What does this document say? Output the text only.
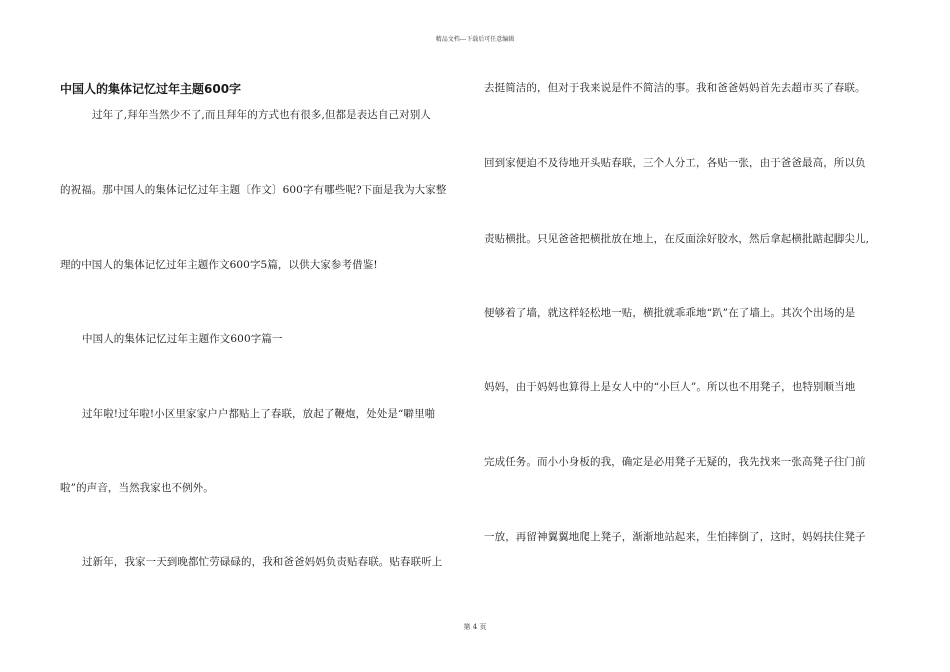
精品文档---下载后可任意编辑
中国人的集体记忆过年主题600字
过年了,拜年当然少不了,而且拜年的方式也有很多,但都是表达自己对别人
的祝福。那中国人的集体记忆过年主题〔作文〕600字有哪些呢?下面是我为大家整
理的中国人的集体记忆过年主题作文600字5篇，以供大家参考借鉴!
中国人的集体记忆过年主题作文600字篇一
过年啦!过年啦!小区里家家户户都贴上了春联，放起了鞭炮，处处是“噼里啪
啦”的声音，当然我家也不例外。
过新年，我家一天到晚都忙劳碌碌的，我和爸爸妈妈负责贴春联。贴春联听上
去挺简洁的，但对于我来说是件不简洁的事。我和爸爸妈妈首先去超市买了春联。
回到家便迫不及待地开头贴春联，三个人分工，各贴一张，由于爸爸最高，所以负
责贴横批。只见爸爸把横批放在地上，在反面涂好胶水，然后拿起横批踮起脚尖儿,
便够着了墙，就这样轻松地一贴，横批就乖乖地“趴”在了墙上。其次个出场的是
妈妈，由于妈妈也算得上是女人中的“小巨人”。所以也不用凳子，也特别顺当地
完成任务。而小小身板的我，确定是必用凳子无疑的，我先找来一张高凳子往门前
一放，再留神翼翼地爬上凳子，渐渐地站起来，生怕摔倒了，这时，妈妈扶住凳子
第 4 页
